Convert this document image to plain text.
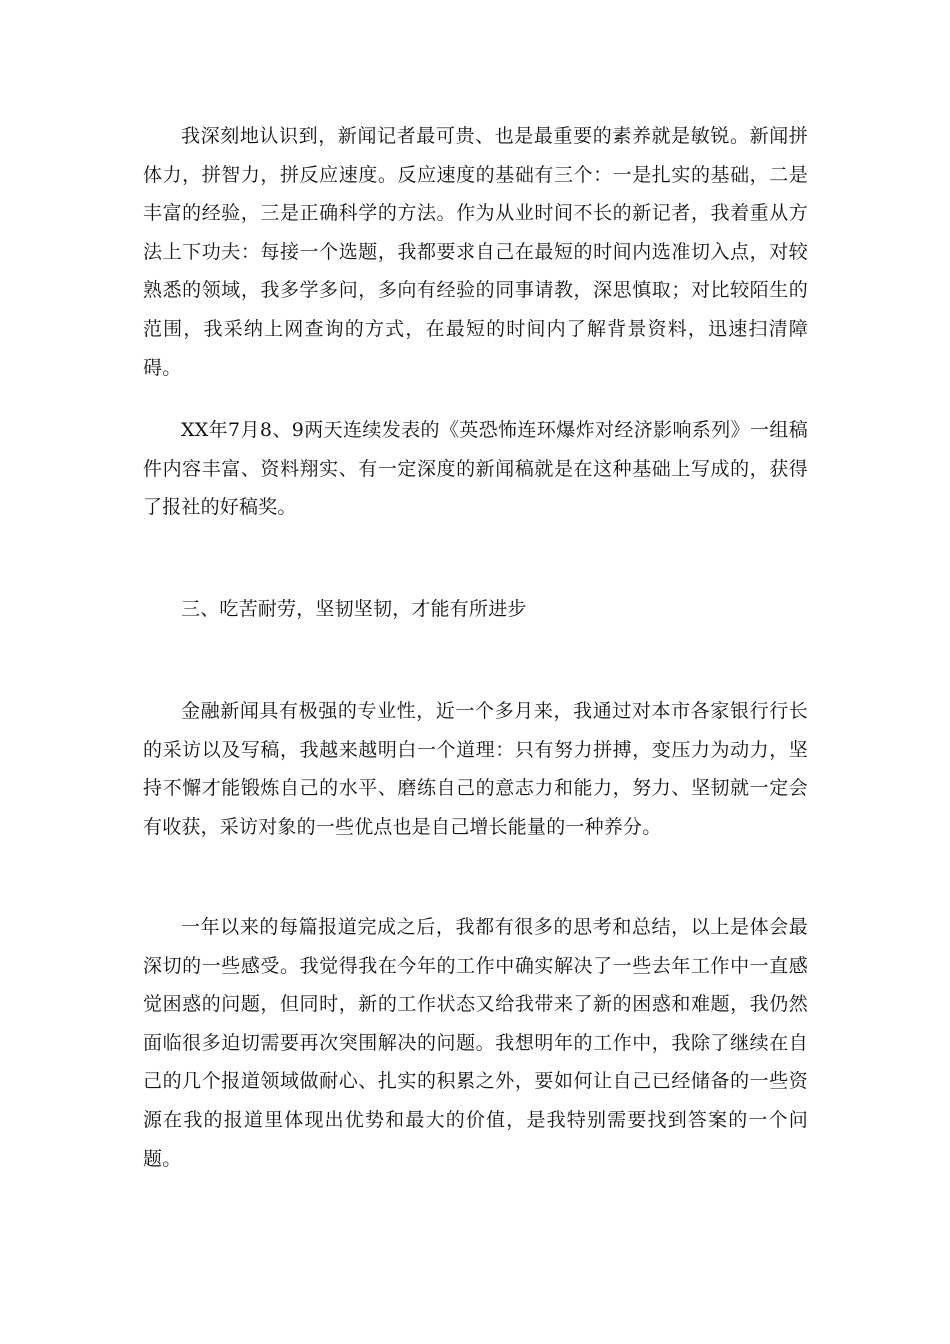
我深刻地认识到，新闻记者最可贵、也是最重要的素养就是敏锐。新闻拼体力，拼智力，拼反应速度。反应速度的基础有三个：一是扎实的基础，二是丰富的经验，三是正确科学的方法。作为从业时间不长的新记者，我着重从方法上下功夫：每接一个选题，我都要求自己在最短的时间内选准切入点，对较熟悉的领域，我多学多问，多向有经验的同事请教，深思慎取；对比较陌生的范围，我采纳上网查询的方式，在最短的时间内了解背景资料，迅速扫清障碍。

XX年7月8、9两天连续发表的《英恐怖连环爆炸对经济影响系列》一组稿件内容丰富、资料翔实、有一定深度的新闻稿就是在这种基础上写成的，获得了报社的好稿奖。

三、吃苦耐劳，坚韧坚韧，才能有所进步

金融新闻具有极强的专业性，近一个多月来，我通过对本市各家银行行长的采访以及写稿，我越来越明白一个道理：只有努力拼搏，变压力为动力，坚持不懈才能锻炼自己的水平、磨练自己的意志力和能力，努力、坚韧就一定会有收获，采访对象的一些优点也是自己增长能量的一种养分。

一年以来的每篇报道完成之后，我都有很多的思考和总结，以上是体会最深切的一些感受。我觉得我在今年的工作中确实解决了一些去年工作中一直感觉困惑的问题，但同时，新的工作状态又给我带来了新的困惑和难题，我仍然面临很多迫切需要再次突围解决的问题。我想明年的工作中，我除了继续在自己的几个报道领域做耐心、扎实的积累之外，要如何让自己已经储备的一些资源在我的报道里体现出优势和最大的价值，是我特别需要找到答案的一个问题。
